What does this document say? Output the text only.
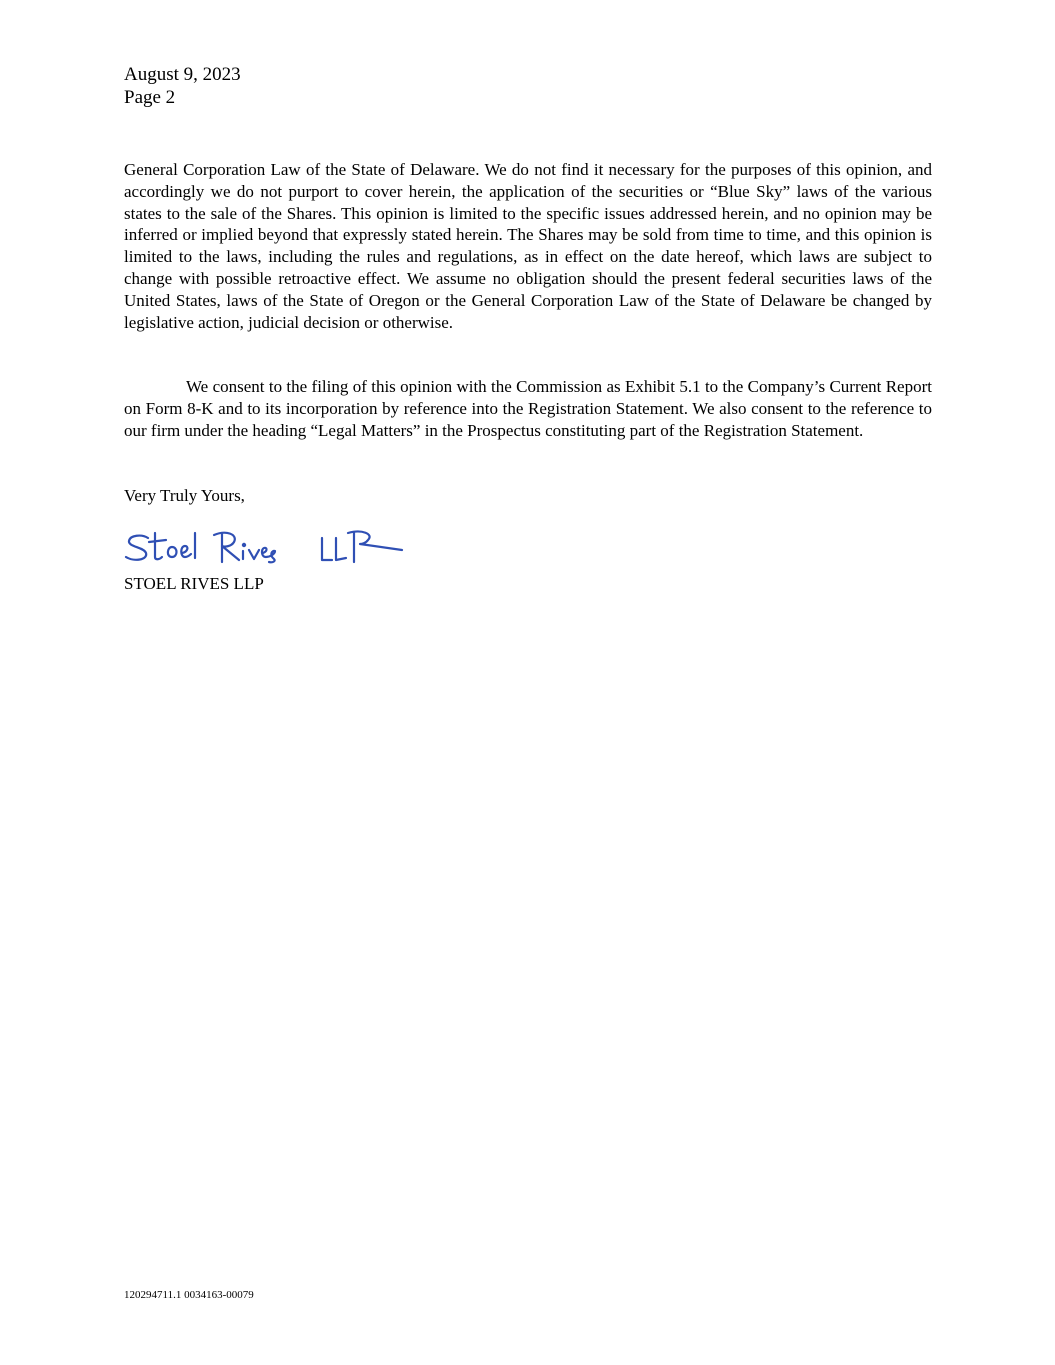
August 9, 2023
Page 2

General Corporation Law of the State of Delaware. We do not find it necessary for the purposes of this opinion, and accordingly we do not purport to cover herein, the application of the securities or “Blue Sky” laws of the various states to the sale of the Shares. This opinion is limited to the specific issues addressed herein, and no opinion may be inferred or implied beyond that expressly stated herein. The Shares may be sold from time to time, and this opinion is limited to the laws, including the rules and regulations, as in effect on the date hereof, which laws are subject to change with possible retroactive effect. We assume no obligation should the present federal securities laws of the United States, laws of the State of Oregon or the General Corporation Law of the State of Delaware be changed by legislative action, judicial decision or otherwise.

We consent to the filing of this opinion with the Commission as Exhibit 5.1 to the Company’s Current Report on Form 8-K and to its incorporation by reference into the Registration Statement. We also consent to the reference to our firm under the heading “Legal Matters” in the Prospectus constituting part of the Registration Statement.

Very Truly Yours,
STOEL RIVES LLP
120294711.1 0034163-00079
